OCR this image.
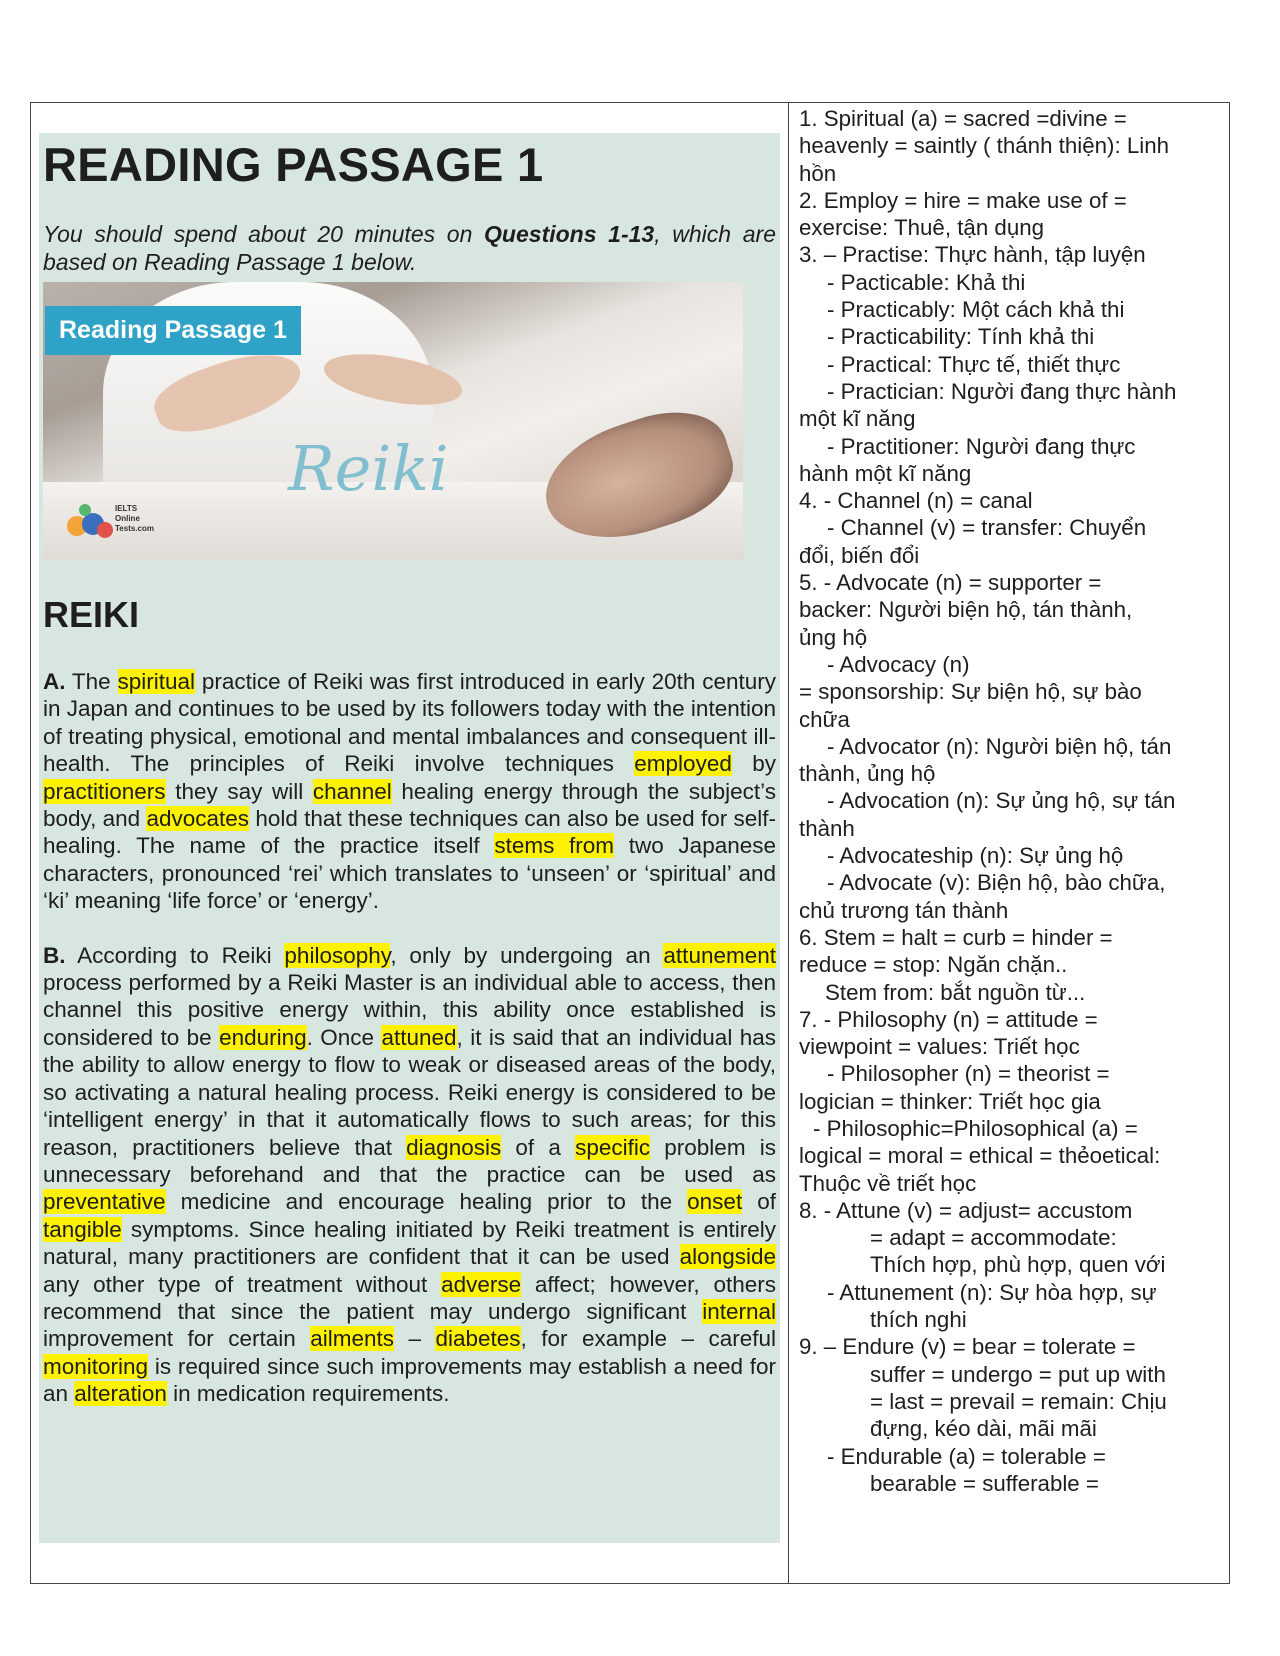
READING PASSAGE 1

You should spend about 20 minutes on Questions 1-13, which are based on Reading Passage 1 below.

Reading Passage 1
Reiki
IELTS
Online
Tests.com
REIKI

A. The spiritual practice of Reiki was first introduced in early 20th century in Japan and continues to be used by its followers today with the intention of treating physical, emotional and mental imbalances and consequent ill-health. The principles of Reiki involve techniques employed by practitioners they say will channel healing energy through the subject’s body, and advocates hold that these techniques can also be used for self-healing. The name of the practice itself stems from two Japanese characters, pronounced ‘rei’ which translates to ‘unseen’ or ‘spiritual’ and ‘ki’ meaning ‘life force’ or ‘energy’.

B. According to Reiki philosophy, only by undergoing an attunement process performed by a Reiki Master is an individual able to access, then channel this positive energy within, this ability once established is considered to be enduring. Once attuned, it is said that an individual has the ability to allow energy to flow to weak or diseased areas of the body, so activating a natural healing process. Reiki energy is considered to be ‘intelligent energy’ in that it automatically flows to such areas; for this reason, practitioners believe that diagnosis of a specific problem is unnecessary beforehand and that the practice can be used as preventative medicine and encourage healing prior to the onset of tangible symptoms. Since healing initiated by Reiki treatment is entirely natural, many practitioners are confident that it can be used alongside any other type of treatment without adverse affect; however, others recommend that since the patient may undergo significant internal improvement for certain ailments – diabetes, for example – careful monitoring is required since such improvements may establish a need for an alteration in medication requirements.

1. Spiritual (a) = sacred =divine =
heavenly = saintly ( thánh thiện): Linh
hồn
2. Employ = hire = make use of =
exercise: Thuê, tận dụng
3. – Practise: Thực hành, tập luyện
- Pacticable: Khả thi
- Practicably: Một cách khả thi
- Practicability: Tính khả thi
- Practical: Thực tế, thiết thực
- Practician: Người đang thực hành
một kĩ năng
- Practitioner: Người đang thực
hành một kĩ năng
4. - Channel (n) = canal
- Channel (v) = transfer: Chuyển
đổi, biến đổi
5. - Advocate (n) = supporter =
backer: Người biện hộ, tán thành,
ủng hộ
- Advocacy (n)
= sponsorship: Sự biện hộ, sự bào
chữa
- Advocator (n): Người biện hộ, tán
thành, ủng hộ
- Advocation (n): Sự ủng hộ, sự tán
thành
- Advocateship (n): Sự ủng hộ
- Advocate (v): Biện hộ, bào chữa,
chủ trương tán thành
6. Stem = halt = curb = hinder =
reduce = stop: Ngăn chặn..
Stem from: bắt nguồn từ...
7. - Philosophy (n) = attitude =
viewpoint = values: Triết học
- Philosopher (n) = theorist =
logician = thinker: Triết học gia
- Philosophic=Philosophical (a) =
logical = moral = ethical = thẻoetical:
Thuộc về triết học
8. - Attune (v) = adjust= accustom
= adapt = accommodate:
Thích hợp, phù hợp, quen với
- Attunement (n): Sự hòa hợp, sự
thích nghi
9. – Endure (v) = bear = tolerate =
suffer = undergo = put up with
= last = prevail = remain: Chịu
đựng, kéo dài, mãi mãi
- Endurable (a) = tolerable =
bearable = sufferable =
